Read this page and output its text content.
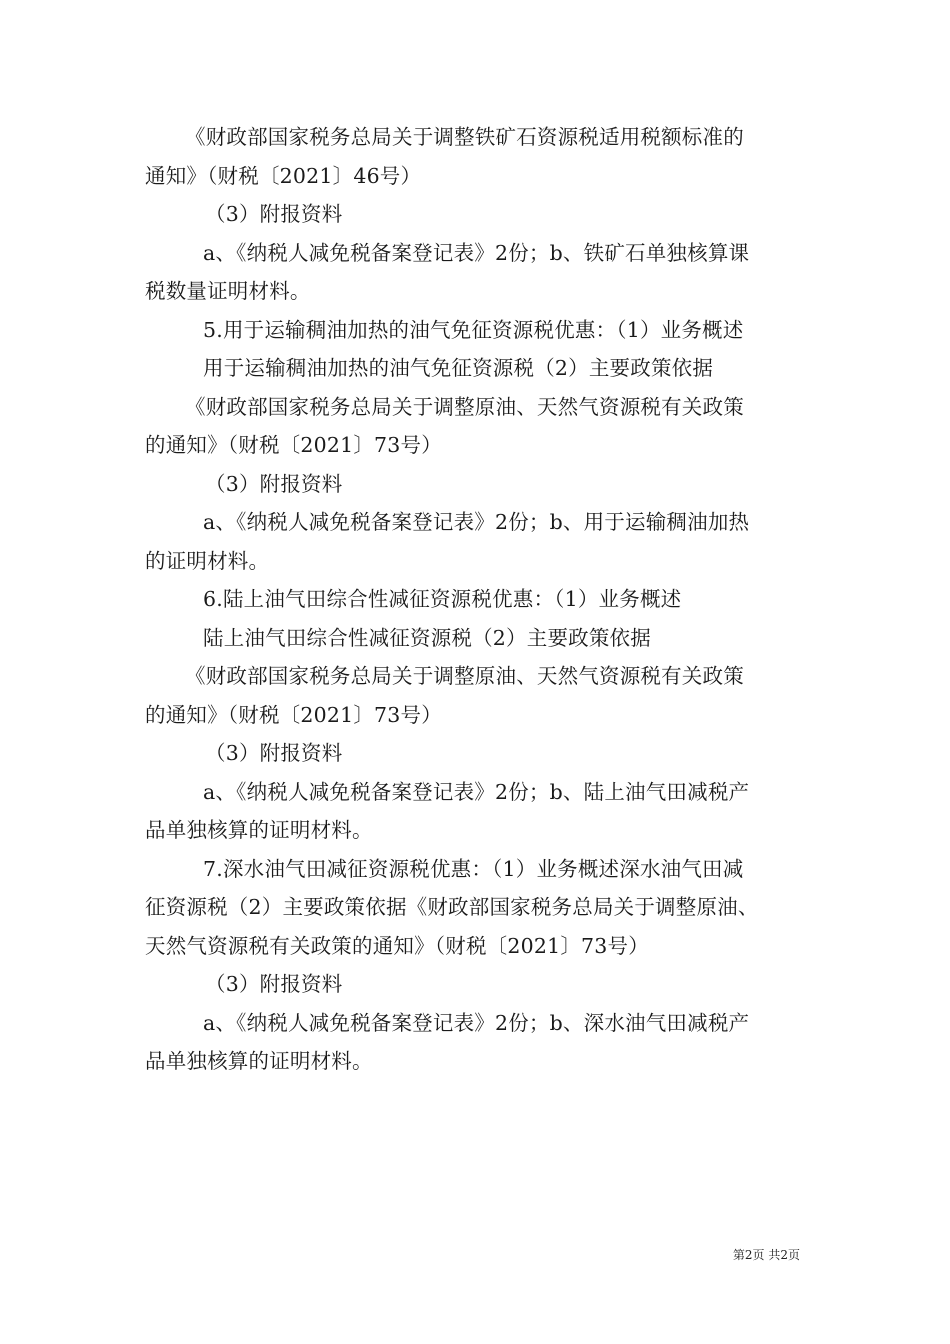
《财政部国家税务总局关于调整铁矿石资源税适用税额标准的
通知》（财税〔2021〕46号）
（3）附报资料
a、《纳税人减免税备案登记表》2份；b、铁矿石单独核算课
税数量证明材料。
5.用于运输稠油加热的油气免征资源税优惠：（1）业务概述
用于运输稠油加热的油气免征资源税（2）主要政策依据
《财政部国家税务总局关于调整原油、天然气资源税有关政策
的通知》（财税〔2021〕73号）
（3）附报资料
a、《纳税人减免税备案登记表》2份；b、用于运输稠油加热
的证明材料。
6.陆上油气田综合性减征资源税优惠：（1）业务概述
陆上油气田综合性减征资源税（2）主要政策依据
《财政部国家税务总局关于调整原油、天然气资源税有关政策
的通知》（财税〔2021〕73号）
（3）附报资料
a、《纳税人减免税备案登记表》2份；b、陆上油气田减税产
品单独核算的证明材料。
7.深水油气田减征资源税优惠：（1）业务概述深水油气田减
征资源税（2）主要政策依据《财政部国家税务总局关于调整原油、
天然气资源税有关政策的通知》（财税〔2021〕73号）
（3）附报资料
a、《纳税人减免税备案登记表》2份；b、深水油气田减税产
品单独核算的证明材料。
第2页 共2页
